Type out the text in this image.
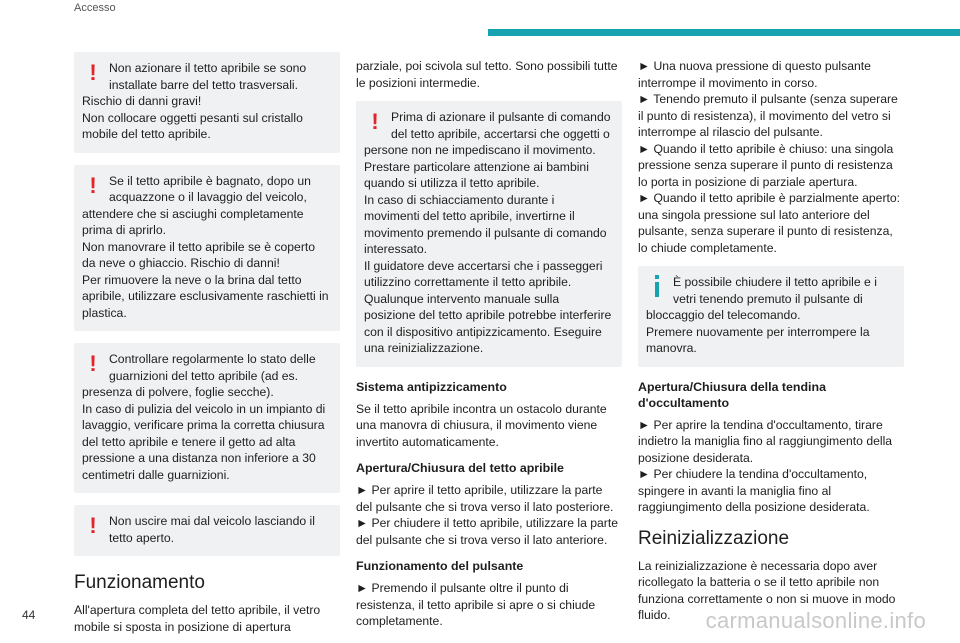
Accesso
!	Non azionare il tetto apribile se sono installate barre del tetto trasversali.

Rischio di danni gravi!
Non collocare oggetti pesanti sul cristallo mobile del tetto apribile.

!	Se il tetto apribile è bagnato, dopo un acquazzone o il lavaggio del veicolo,

attendere che si asciughi completamente prima di aprirlo.
Non manovrare il tetto apribile se è coperto da neve o ghiaccio. Rischio di danni!
Per rimuovere la neve o la brina dal tetto apribile, utilizzare esclusivamente raschietti in plastica.

!	Controllare regolarmente lo stato delle guarnizioni del tetto apribile (ad es.

presenza di polvere, foglie secche).
In caso di pulizia del veicolo in un impianto di lavaggio, verificare prima la corretta chiusura del tetto apribile e tenere il getto ad alta pressione a una distanza non inferiore a 30 centimetri dalle guarnizioni.

!	Non uscire mai dal veicolo lasciando il tetto aperto.
Funzionamento

All'apertura completa del tetto apribile, il vetro mobile si sposta in posizione di apertura

parziale, poi scivola sul tetto. Sono possibili tutte le posizioni intermedie.

!	Prima di azionare il pulsante di comando del tetto apribile, accertarsi che oggetti o

persone non ne impediscano il movimento.
Prestare particolare attenzione ai bambini quando si utilizza il tetto apribile.
In caso di schiacciamento durante i movimenti del tetto apribile, invertirne il movimento premendo il pulsante di comando interessato.
Il guidatore deve accertarsi che i passeggeri utilizzino correttamente il tetto apribile.
Qualunque intervento manuale sulla posizione del tetto apribile potrebbe interferire con il dispositivo antipizzicamento. Eseguire una reinizializzazione.

Sistema antipizzicamento

Se il tetto apribile incontra un ostacolo durante una manovra di chiusura, il movimento viene invertito automaticamente.

Apertura/Chiusura del tetto apribile

► Per aprire il tetto apribile, utilizzare la parte del pulsante che si trova verso il lato posteriore.
► Per chiudere il tetto apribile, utilizzare la parte del pulsante che si trova verso il lato anteriore.

Funzionamento del pulsante

► Premendo il pulsante oltre il punto di resistenza, il tetto apribile si apre o si chiude completamente.

► Una nuova pressione di questo pulsante interrompe il movimento in corso.
► Tenendo premuto il pulsante (senza superare il punto di resistenza), il movimento del vetro si interrompe al rilascio del pulsante.
► Quando il tetto apribile è chiuso: una singola pressione senza superare il punto di resistenza lo porta in posizione di parziale apertura.
► Quando il tetto apribile è parzialmente aperto: una singola pressione sul lato anteriore del pulsante, senza superare il punto di resistenza, lo chiude completamente.

È possibile chiudere il tetto apribile e i vetri tenendo premuto il pulsante di

bloccaggio del telecomando.
Premere nuovamente per interrompere la manovra.

Apertura/Chiusura della tendina d'occultamento

► Per aprire la tendina d'occultamento, tirare indietro la maniglia fino al raggiungimento della posizione desiderata.
► Per chiudere la tendina d'occultamento, spingere in avanti la maniglia fino al raggiungimento della posizione desiderata.

Reinizializzazione

La reinizializzazione è necessaria dopo aver ricollegato la batteria o se il tetto apribile non funziona correttamente o non si muove in modo fluido.

44	carmanualsonline.info
